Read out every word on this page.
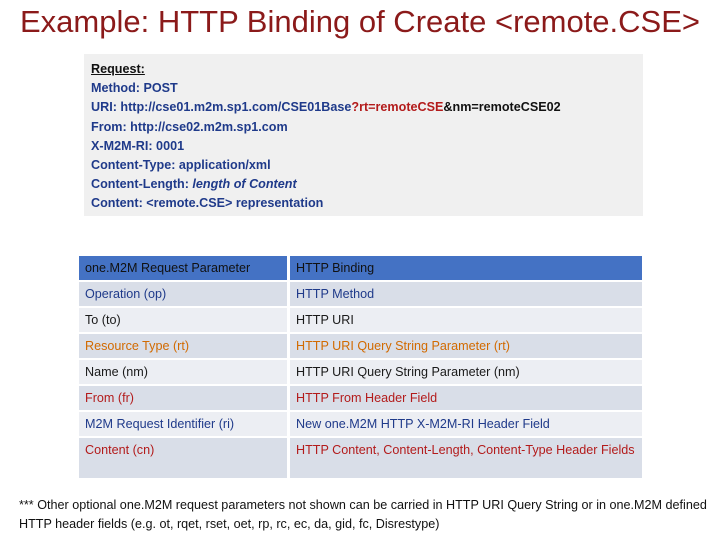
Example: HTTP Binding of Create <remote.CSE>
Request:
Method: POST
URI: http://cse01.m2m.sp1.com/CSE01Base?rt=remoteCSE&nm=remoteCSE02
From: http://cse02.m2m.sp1.com
X-M2M-RI: 0001
Content-Type: application/xml
Content-Length: length of Content
Content: <remote.CSE> representation
one.M2M Request Parameter		HTTP Binding
Operation (op)		HTTP Method
To (to)		HTTP URI
Resource Type (rt)		HTTP URI Query String Parameter (rt)
Name (nm)		HTTP URI Query String Parameter (nm)
From (fr)		HTTP From Header Field
M2M Request Identifier (ri)		New one.M2M HTTP X-M2M-RI Header Field
Content (cn)		HTTP Content, Content-Length, Content-Type Header Fields
*** Other optional one.M2M request parameters not shown can be carried in HTTP URI Query String or in one.M2M defined HTTP header fields (e.g. ot, rqet, rset, oet, rp, rc, ec, da, gid, fc, Disrestype)
